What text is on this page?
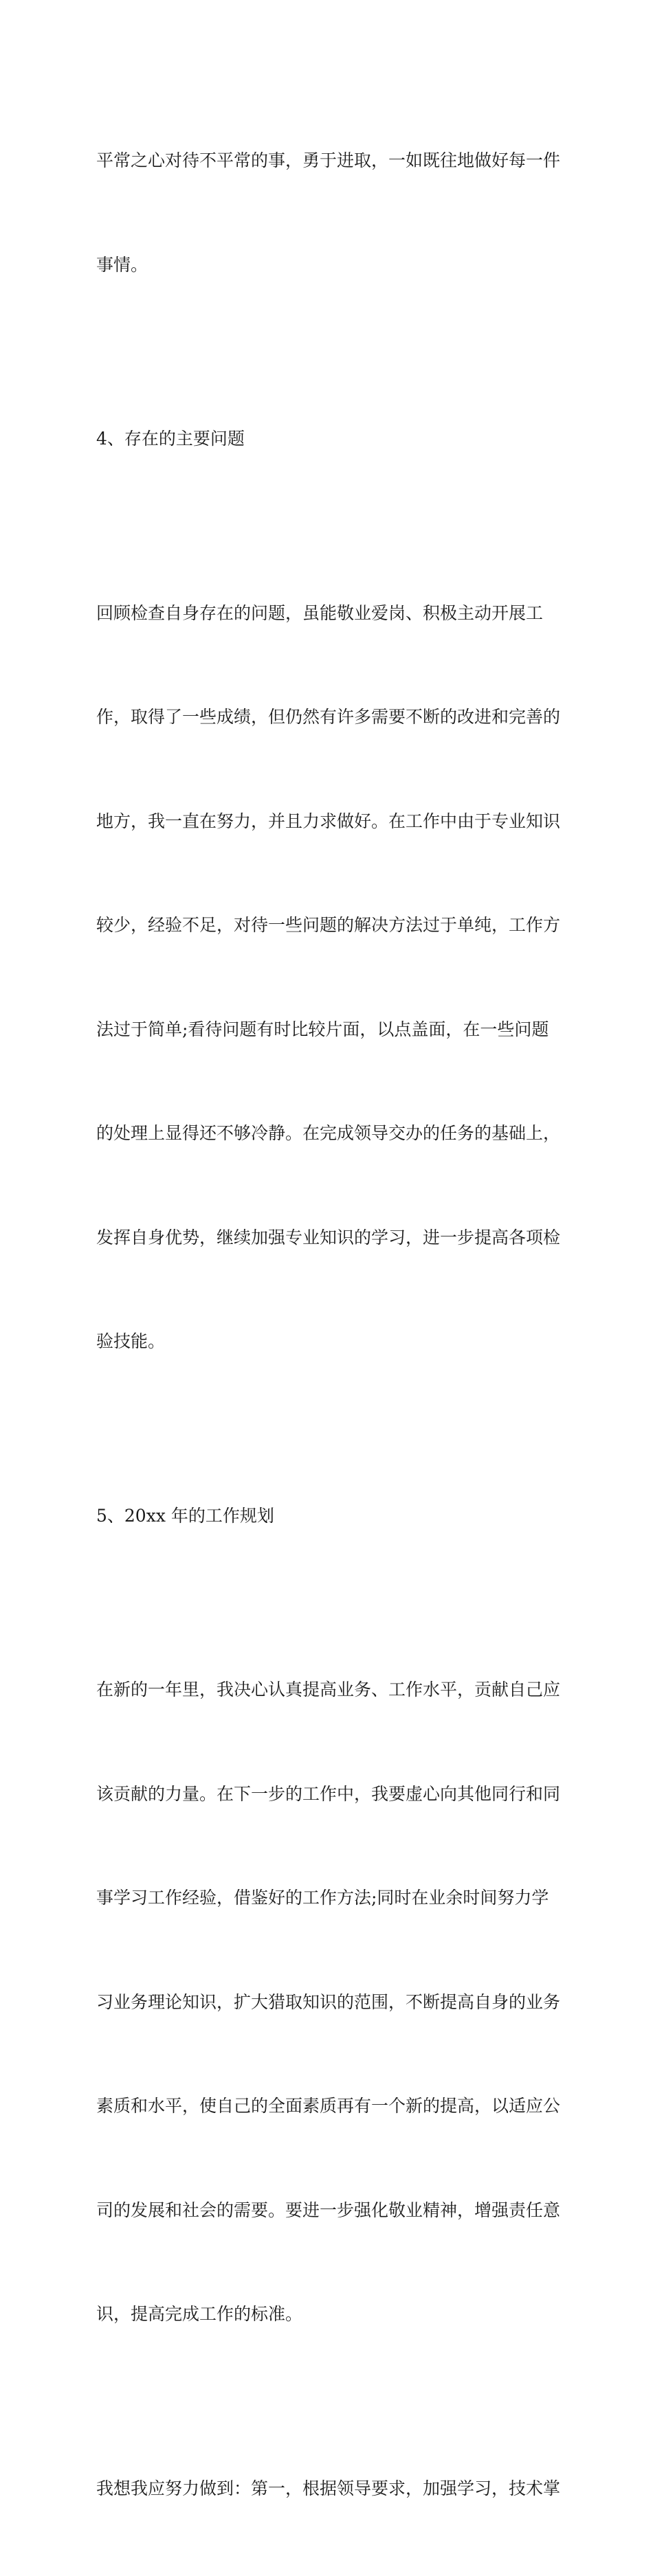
平常之心对待不平常的事，勇于进取，一如既往地做好每一件

事情。

4、存在的主要问题

回顾检查自身存在的问题，虽能敬业爱岗、积极主动开展工

作，取得了一些成绩，但仍然有许多需要不断的改进和完善的

地方，我一直在努力，并且力求做好。在工作中由于专业知识

较少，经验不足，对待一些问题的解决方法过于单纯，工作方

法过于简单;看待问题有时比较片面，以点盖面，在一些问题

的处理上显得还不够冷静。在完成领导交办的任务的基础上，

发挥自身优势，继续加强专业知识的学习，进一步提高各项检

验技能。

5、20xx 年的工作规划

在新的一年里，我决心认真提高业务、工作水平，贡献自己应

该贡献的力量。在下一步的工作中，我要虚心向其他同行和同

事学习工作经验，借鉴好的工作方法;同时在业余时间努力学

习业务理论知识，扩大猎取知识的范围，不断提高自身的业务

素质和水平，使自己的全面素质再有一个新的提高，以适应公

司的发展和社会的需要。要进一步强化敬业精神，增强责任意

识，提高完成工作的标准。

我想我应努力做到：第一，根据领导要求，加强学习，技术掌
